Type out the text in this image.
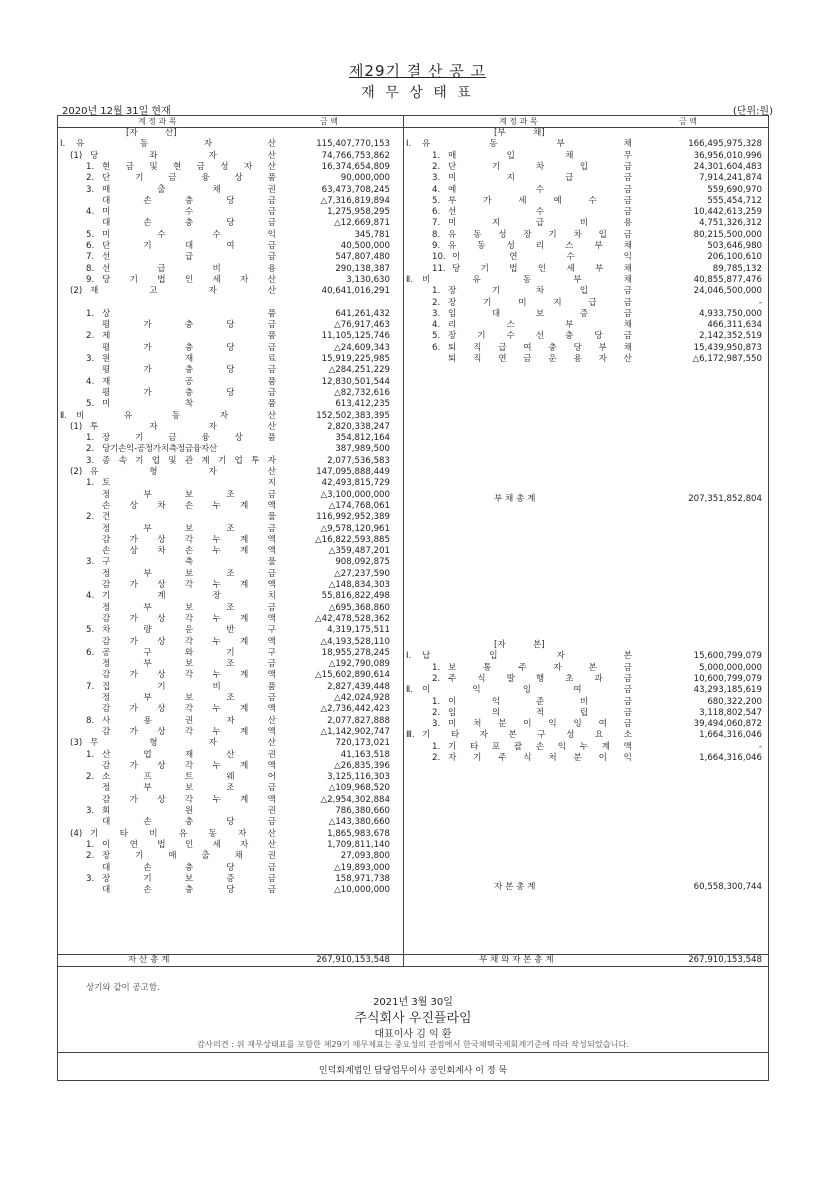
제29기 결 산 공 고
재 무 상 태 표
2020년 12월 31일 현재	(단위:원)
계 정 과 목	금 액	계 정 과 목	금 액
[자          산]
Ⅰ. 유	동	자	산	115,407,770,153
(1) 당	좌	자	산	74,766,753,862
1. 현 금 및 현 금 성 자 산	16,374,654,809
2. 단	기	금	융	상	품	90,000,000
3. 매	출	채	권	63,473,708,245
대	손	충	당	금	△7,316,819,894
4. 미	수	금	1,275,958,295
대	손	충	당	금	△12,669,871
5. 미	수	수	익	345,781
6. 단	기	대	여	금	40,500,000
7. 선	급	금	547,807,480
8. 선	급	비	용	290,138,387
9. 당 기 법 인 세 자 산	3,130,630
(2) 재	고	자	산	40,641,016,291
1. 상	품	641,261,432
평	가	충	당	금	△76,917,463
2. 제	품	11,105,125,746
평	가	충	당	금	△24,609,343
3. 원	재	료	15,919,225,985
평	가	충	당	금	△284,251,229
4. 재	공	품	12,830,501,544
평	가	충	당	금	△82,732,616
5. 미	착	품	613,412,235
Ⅱ. 비	유	동	자	산	152,502,383,395
(1) 투	자	자	산	2,820,338,247
1. 장	기	금	융	상	품	354,812,164
2. 당기손익-공정가치측정금융자산	387,989,500
3. 종 속 기 업 및 관 계 기 업 투 자	2,077,536,583
(2) 유	형	자	산	147,095,888,449
1. 토	지	42,493,815,729
정	부	보	조	금	△3,100,000,000
손 상 차 손 누 계 액	△174,768,061
2. 건	물	116,992,952,389
정	부	보	조	금	△9,578,120,961
감 가 상 각 누 계 액	△16,822,593,885
손 상 차 손 누 계 액	△359,487,201
3. 구	축	물	908,092,875
정	부	보	조	금	△27,237,590
감 가 상 각 누 계 액	△148,834,303
4. 기	계	장	치	55,816,822,498
정	부	보	조	금	△695,368,860
감 가 상 각 누 계 액	△42,478,528,362
5. 차	량	운	반	구	4,319,175,511
감 가 상 각 누 계 액	△4,193,528,110
6. 공	구	와	기	구	18,955,278,245
정	부	보	조	금	△192,790,089
감 가 상 각 누 계 액	△15,602,890,614
7. 집	기	비	품	2,827,439,448
정	부	보	조	금	△42,024,928
감 가 상 각 누 계 액	△2,736,442,423
8. 사	용	권	자	산	2,077,827,888
감 가 상 각 누 계 액	△1,142,902,747
(3) 무	형	자	산	720,173,021
1. 산	업	재	산	권	41,163,518
감 가 상 각 누 계 액	△26,835,396
2. 소	프	트	웨	어	3,125,116,303
정	부	보	조	금	△109,968,520
감 가 상 각 누 계 액	△2,954,302,884
3. 회	원	권	786,380,660
대	손	충	당	금	△143,380,660
(4) 기 타 비 유 동 자 산	1,865,983,678
1. 이 연 법 인 세 자 산	1,709,811,140
2. 장	기	매	출	채	권	27,093,800
대	손	충	당	금	△19,893,000
3. 장	기	보	증	금	158,971,738
대	손	충	당	금	△10,000,000
[부          채]
Ⅰ. 유	동	부	채	166,495,975,328
1. 매	입	채	무	36,956,010,996
2. 단	기	차	입	금	24,301,604,483
3. 미	지	급	금	7,914,241,874
4. 예	수	금	559,690,970
5. 부	가	세	예	수	금	555,454,712
6. 선	수	금	10,442,613,259
7. 미	지	급	비	용	4,751,326,312
8. 유 동 성 장 기 차 입 금	80,215,500,000
9. 유 동 성 리 스 부 채	503,646,980
10. 이	연	수	익	206,100,610
11. 당 기 법 인 세 부 채	89,785,132
Ⅱ. 비	유	동	부	채	40,855,877,476
1. 장	기	차	입	금	24,046,500,000
2. 장	기	미	지	급	금	-
3. 임	대	보	증	금	4,933,750,000
4. 리	스	부	채	466,311,634
5. 장 기 수 선 충 당 금	2,142,352,519
6. 퇴 직 급 여 충 당 부 채	15,439,950,873
퇴 직 연 금 운 용 자 산	△6,172,987,550
[자          본]
Ⅰ. 납	입	자	본	15,600,799,079
1. 보	통	주	자	본	금	5,000,000,000
2. 주 식 발 행 초 과 금	10,600,799,079
Ⅱ. 이	익	잉	여	금	43,293,185,619
1. 이	익	준	비	금	680,322,200
2. 임	의	적	립	금	3,118,802,547
3. 미 처 분 이 익 잉 여 금	39,494,060,872
Ⅲ. 기 타 자 본 구 성 요 소	1,664,316,046
1. 기 타 포 괄 손 익 누 계 액	-
2. 자 기 주 식 처 분 이 익	1,664,316,046
부 채 총 계	207,351,852,804
자 본 총 계	60,558,300,744
자 산 총 계	267,910,153,548	부 채 와 자 본 총 계	267,910,153,548
상기와 같이 공고함.
2021년 3월 30일
주식회사 우진플라임
대표이사 김 익 환
감사의견 : 위 재무상태표를 포함한 제29기 재무제표는 중요성의 관점에서 한국채택국제회계기준에 따라 작성되었습니다.
인덕회계법인 담당업무이사 공인회계사 이 정 묵
